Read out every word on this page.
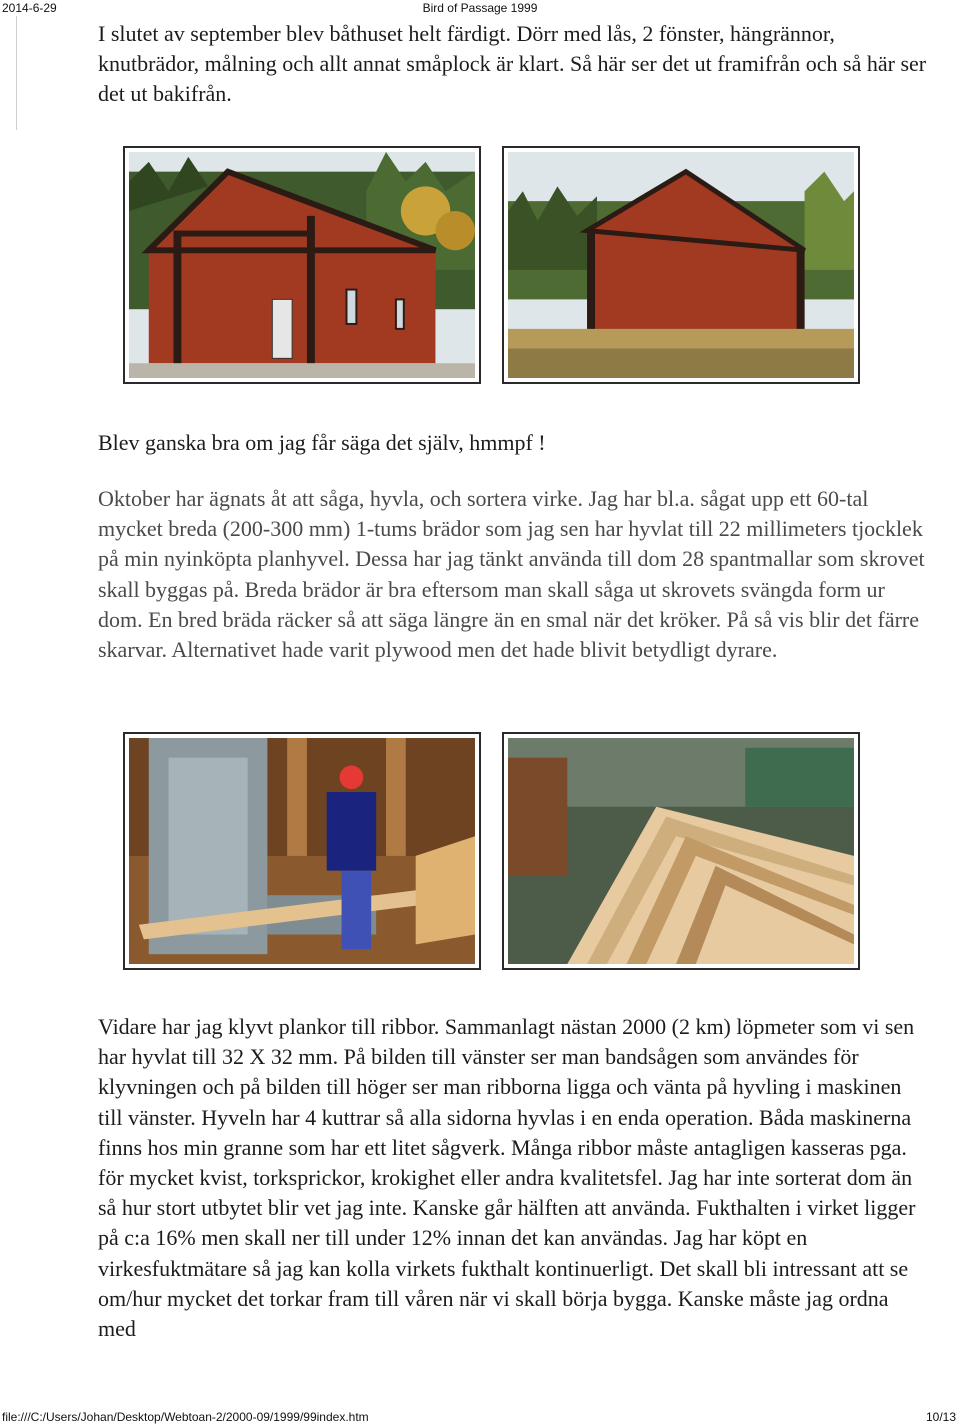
2014-6-29	Bird of Passage 1999

I slutet av september blev båthuset helt färdigt. Dörr med lås, 2 fönster, hängrännor, knutbrädor, målning och allt annat småplock är klart. Så här ser det ut framifrån och så här ser det ut bakifrån.

Blev ganska bra om jag får säga det själv, hmmpf !

Oktober har ägnats åt att såga, hyvla, och sortera virke. Jag har bl.a. sågat upp ett 60-tal mycket breda (200-300 mm) 1-tums brädor som jag sen har hyvlat till 22 millimeters tjocklek på min nyinköpta planhyvel. Dessa har jag tänkt använda till dom 28 spantmallar som skrovet skall byggas på. Breda brädor är bra eftersom man skall såga ut skrovets svängda form ur dom. En bred bräda räcker så att säga längre än en smal när det kröker. På så vis blir det färre skarvar. Alternativet hade varit plywood men det hade blivit betydligt dyrare.

Vidare har jag klyvt plankor till ribbor. Sammanlagt nästan 2000 (2 km) löpmeter som vi sen har hyvlat till 32 X 32 mm. På bilden till vänster ser man bandsågen som användes för klyvningen och på bilden till höger ser man ribborna ligga och vänta på hyvling i maskinen till vänster. Hyveln har 4 kuttrar så alla sidorna hyvlas i en enda operation. Båda maskinerna finns hos min granne som har ett litet sågverk. Många ribbor måste antagligen kasseras pga. för mycket kvist, torksprickor, krokighet eller andra kvalitetsfel. Jag har inte sorterat dom än så hur stort utbytet blir vet jag inte. Kanske går hälften att använda. Fukthalten i virket ligger på c:a 16% men skall ner till under 12% innan det kan användas. Jag har köpt en virkesfuktmätare så jag kan kolla virkets fukthalt kontinuerligt. Det skall bli intressant att se om/hur mycket det torkar fram till våren när vi skall börja bygga. Kanske måste jag ordna med

file:///C:/Users/Johan/Desktop/Webtoan-2/2000-09/1999/99index.htm	10/13
